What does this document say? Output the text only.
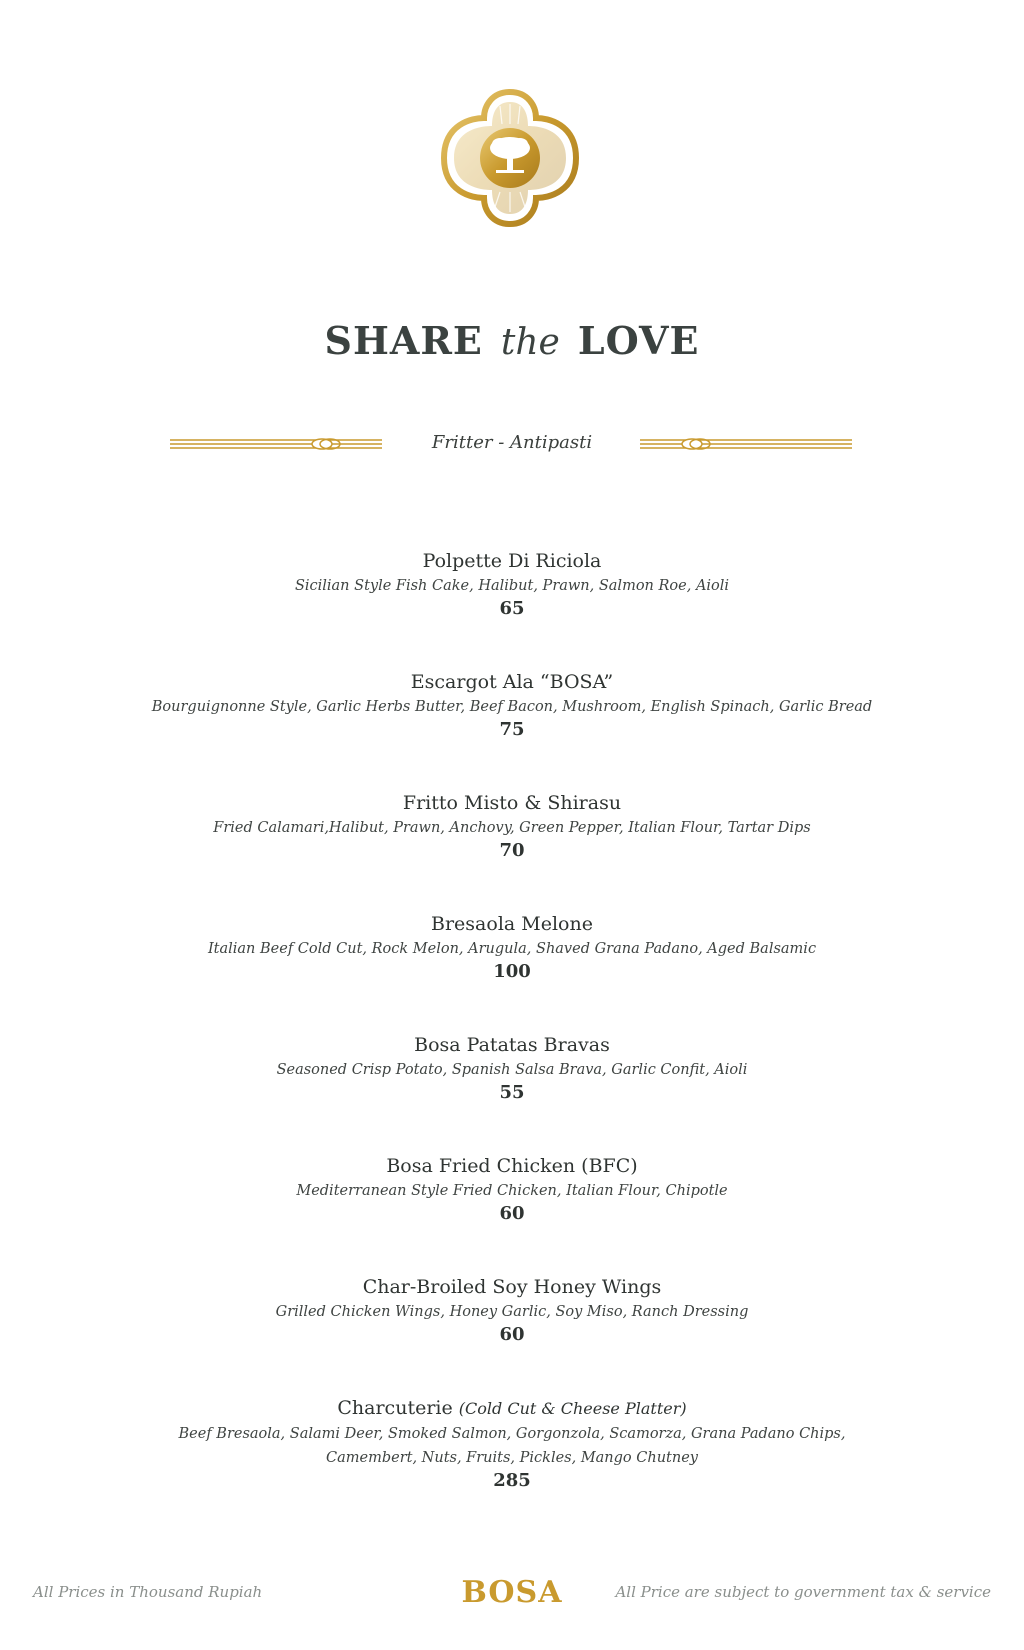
SHARE the LOVE
Fritter - Antipasti
Polpette Di Riciola
Sicilian Style Fish Cake, Halibut, Prawn, Salmon Roe, Aioli
65
Escargot Ala “BOSA”
Bourguignonne Style, Garlic Herbs Butter, Beef Bacon, Mushroom, English Spinach, Garlic Bread
75
Fritto Misto & Shirasu
Fried Calamari,Halibut, Prawn, Anchovy, Green Pepper, Italian Flour, Tartar Dips
70
Bresaola Melone
Italian Beef Cold Cut, Rock Melon, Arugula, Shaved Grana Padano, Aged Balsamic
100
Bosa Patatas Bravas
Seasoned Crisp Potato, Spanish Salsa Brava, Garlic Confit, Aioli
55
Bosa Fried Chicken (BFC)
Mediterranean Style Fried Chicken, Italian Flour, Chipotle
60
Char-Broiled Soy Honey Wings
Grilled Chicken Wings, Honey Garlic, Soy Miso, Ranch Dressing
60
Charcuterie (Cold Cut & Cheese Platter)
Beef Bresaola, Salami Deer, Smoked Salmon, Gorgonzola, Scamorza, Grana Padano Chips,
Camembert, Nuts, Fruits, Pickles, Mango Chutney
285
All Prices in Thousand Rupiah	BOSA	All Price are subject to government tax & service
